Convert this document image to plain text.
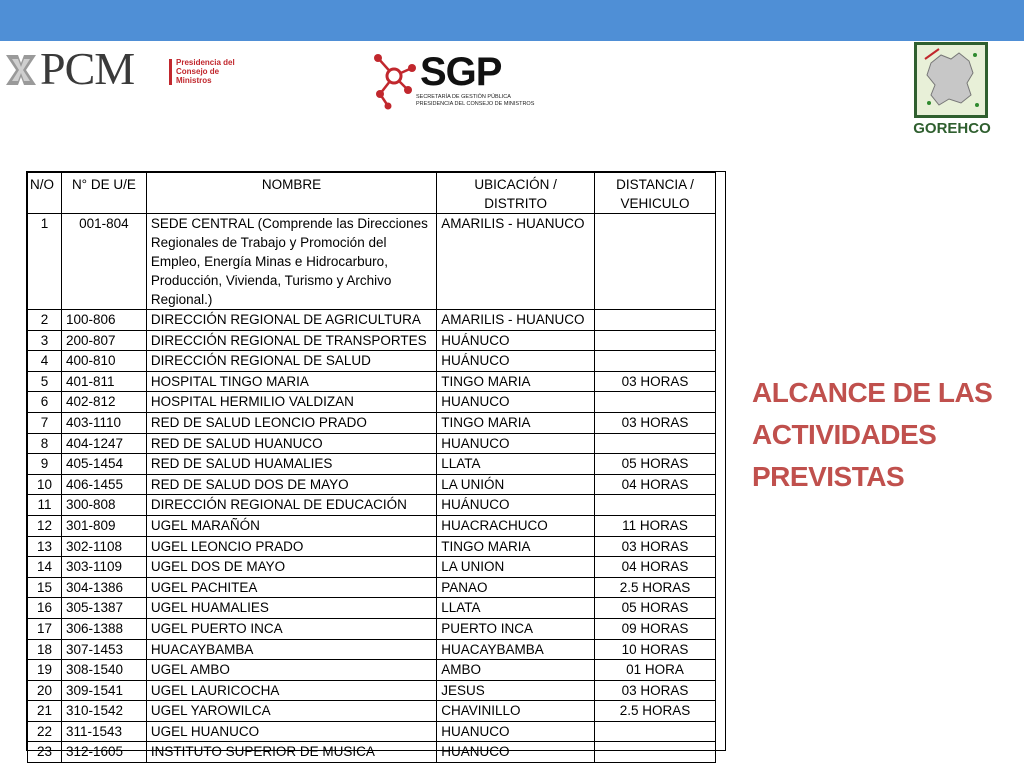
PCM	Presidencia del Consejo de Ministros	SGP
SECRETARÍA DE GESTIÓN PÚBLICA PRESIDENCIA DEL CONSEJO DE MINISTROS
GOREHCO
N/O	N° DE U/E	NOMBRE	UBICACIÓN / DISTRITO	DISTANCIA / VEHICULO
1	001-804	SEDE CENTRAL (Comprende las Direcciones Regionales de Trabajo y Promoción del Empleo, Energía Minas e Hidrocarburo, Producción, Vivienda, Turismo y Archivo Regional.)	AMARILIS - HUANUCO	
2	100-806	DIRECCIÓN REGIONAL DE AGRICULTURA	AMARILIS - HUANUCO	
3	200-807	DIRECCIÓN REGIONAL DE TRANSPORTES	HUÁNUCO	
4	400-810	DIRECCIÓN REGIONAL DE SALUD	HUÁNUCO	
5	401-811	HOSPITAL TINGO MARIA	TINGO MARIA	03 HORAS
6	402-812	HOSPITAL HERMILIO VALDIZAN	HUANUCO	
7	403-1110	RED DE SALUD LEONCIO PRADO	TINGO MARIA	03 HORAS
8	404-1247	RED DE SALUD HUANUCO	HUANUCO	
9	405-1454	RED DE SALUD HUAMALIES	LLATA	05 HORAS
10	406-1455	RED DE SALUD DOS DE MAYO	LA UNIÓN	04 HORAS
11	300-808	DIRECCIÓN REGIONAL DE EDUCACIÓN	HUÁNUCO	
12	301-809	UGEL MARAÑÓN	HUACRACHUCO	11 HORAS
13	302-1108	UGEL LEONCIO PRADO	TINGO MARIA	03 HORAS
14	303-1109	UGEL DOS DE MAYO	LA UNION	04 HORAS
15	304-1386	UGEL PACHITEA	PANAO	2.5 HORAS
16	305-1387	UGEL HUAMALIES	LLATA	05 HORAS
17	306-1388	UGEL PUERTO INCA	PUERTO INCA	09 HORAS
18	307-1453	HUACAYBAMBA	HUACAYBAMBA	10 HORAS
19	308-1540	UGEL AMBO	AMBO	01 HORA
20	309-1541	UGEL LAURICOCHA	JESUS	03 HORAS
21	310-1542	UGEL YAROWILCA	CHAVINILLO	2.5 HORAS
22	311-1543	UGEL HUANUCO	HUANUCO	
23	312-1605	INSTITUTO SUPERIOR DE MUSICA	HUANUCO	
ALCANCE DE LAS
ACTIVIDADES
PREVISTAS
